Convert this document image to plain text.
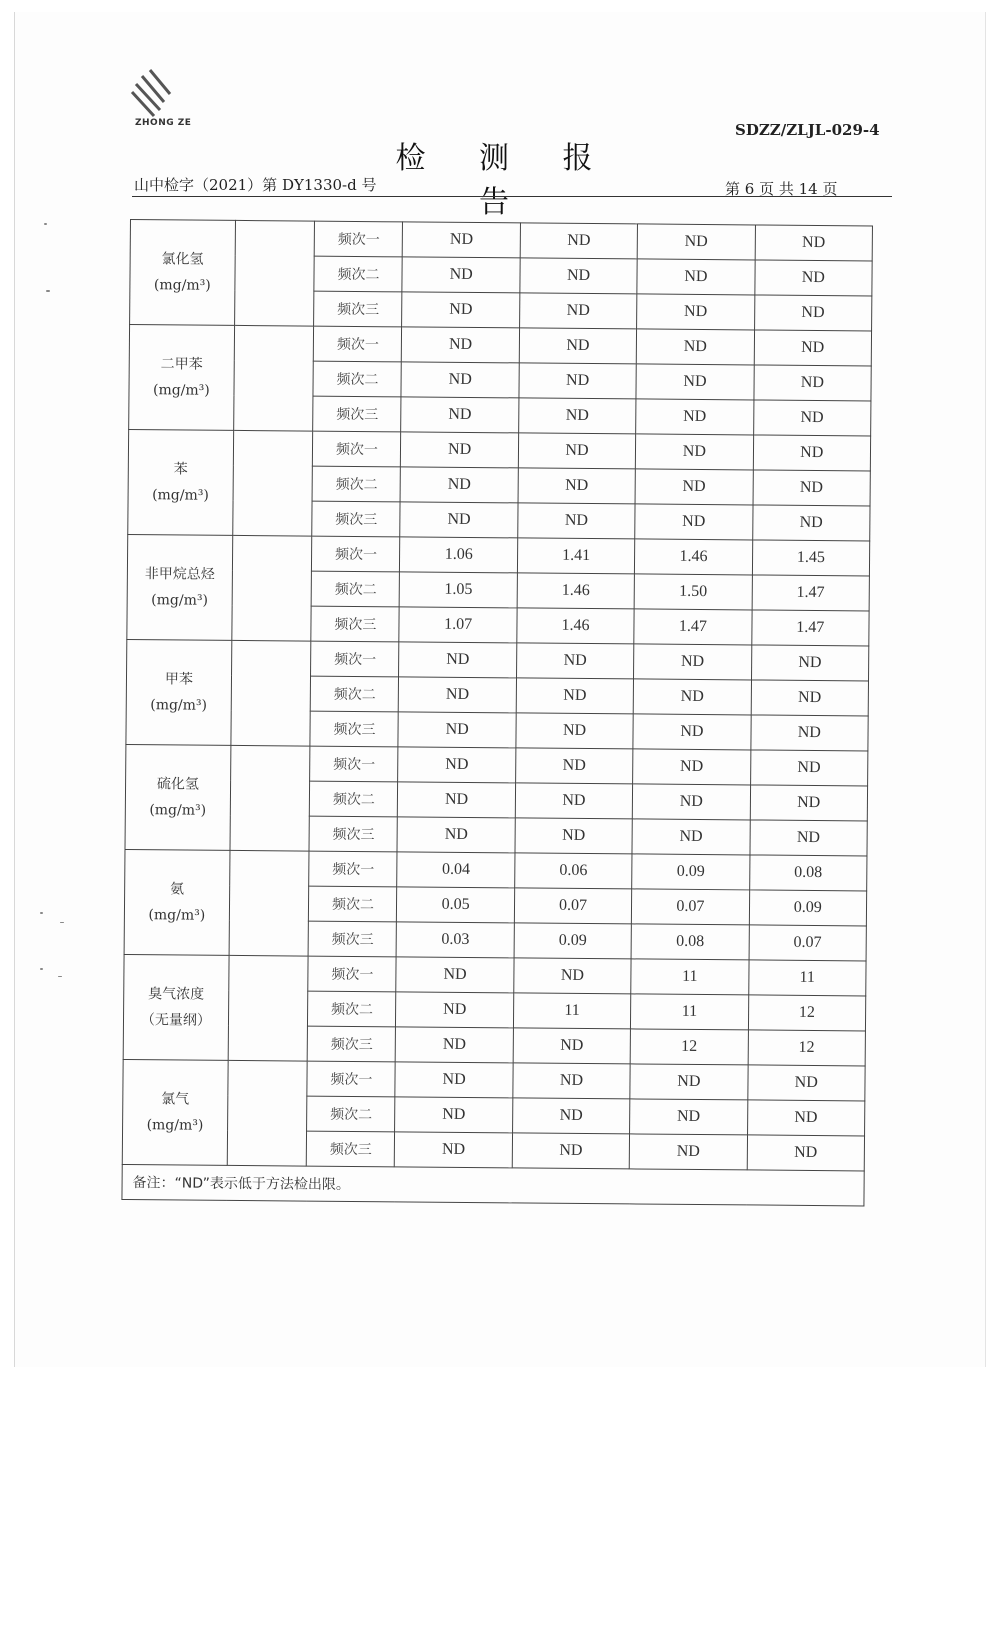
ZHONG ZE	SDZZ/ZLJL-029-4
检 测 报 告
山中检字（2021）第 DY1330-d 号	第 6 页 共 14 页
氯化氢
(mg/m³)		频次一	ND	ND	ND	ND
		频次二	ND	ND	ND	ND
		频次三	ND	ND	ND	ND

二甲苯
(mg/m³)		频次一	ND	ND	ND	ND
		频次二	ND	ND	ND	ND
		频次三	ND	ND	ND	ND

苯
(mg/m³)		频次一	ND	ND	ND	ND
		频次二	ND	ND	ND	ND
		频次三	ND	ND	ND	ND

非甲烷总烃
(mg/m³)		频次一	1.06	1.41	1.46	1.45
		频次二	1.05	1.46	1.50	1.47
		频次三	1.07	1.46	1.47	1.47

甲苯
(mg/m³)		频次一	ND	ND	ND	ND
		频次二	ND	ND	ND	ND
		频次三	ND	ND	ND	ND

硫化氢
(mg/m³)		频次一	ND	ND	ND	ND
		频次二	ND	ND	ND	ND
		频次三	ND	ND	ND	ND

氨
(mg/m³)		频次一	0.04	0.06	0.09	0.08
		频次二	0.05	0.07	0.07	0.09
		频次三	0.03	0.09	0.08	0.07

臭气浓度
（无量纲）		频次一	ND	ND	11	11
		频次二	ND	11	11	12
		频次三	ND	ND	12	12

氯气
(mg/m³)		频次一	ND	ND	ND	ND
		频次二	ND	ND	ND	ND
		频次三	ND	ND	ND	ND
备注：“ND”表示低于方法检出限。						
